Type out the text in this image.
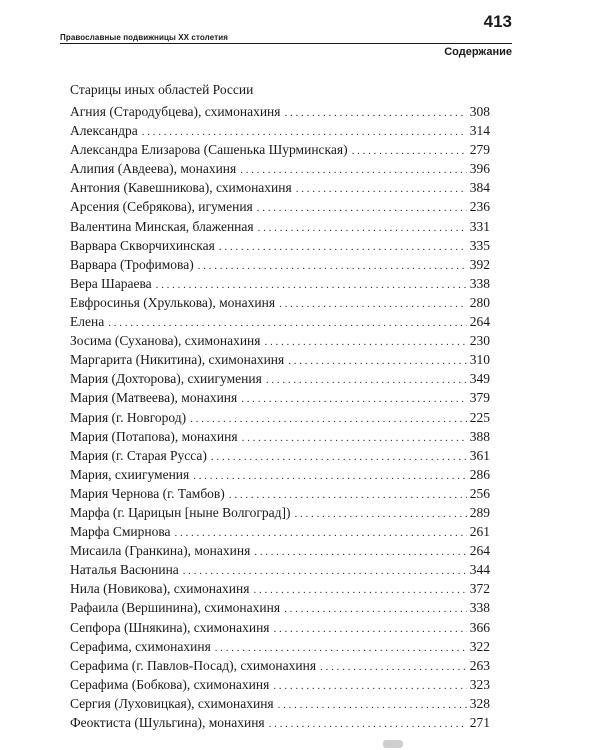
Православные подвижницы XX столетия
413
Содержание
Старицы иных областей России
Агния (Стародубцева), схимонахиня . . .	308
Александра . . .	314
Александра Елизарова (Сашенька Шурминская) . . .	279
Алипия (Авдеева), монахиня . . .	396
Антония (Кавешникова), схимонахиня . . .	384
Арсения (Себрякова), игумения . . .	236
Валентина Минская, блаженная . . .	331
Варвара Скворчихинская . . .	335
Варвара (Трофимова) . . .	392
Вера Шараева . . .	338
Евфросинья (Хрулькова), монахиня . . .	280
Елена . . .	264
Зосима (Суханова), схимонахиня . . .	230
Маргарита (Никитина), схимонахиня . . .	310
Мария (Дохторова), схиигумения . . .	349
Мария (Матвеева), монахиня . . .	379
Мария (г. Новгород) . . .	225
Мария (Потапова), монахиня . . .	388
Мария (г. Старая Русса) . . .	361
Мария, схиигумения . . .	286
Мария Чернова (г. Тамбов) . . .	256
Марфа (г. Царицын [ныне Волгоград]) . . .	289
Марфа Смирнова . . .	261
Мисаила (Гранкина), монахиня . . .	264
Наталья Васюнина . . .	344
Нила (Новикова), схимонахиня . . .	372
Рафаила (Вершинина), схимонахиня . . .	338
Сепфора (Шнякина), схимонахиня . . .	366
Серафима, схимонахиня . . .	322
Серафима (г. Павлов-Посад), схимонахиня . . .	263
Серафима (Бобкова), схимонахиня . . .	323
Сергия (Луховицкая), схимонахиня . . .	328
Феоктиста (Шульгина), монахиня . . .	271
